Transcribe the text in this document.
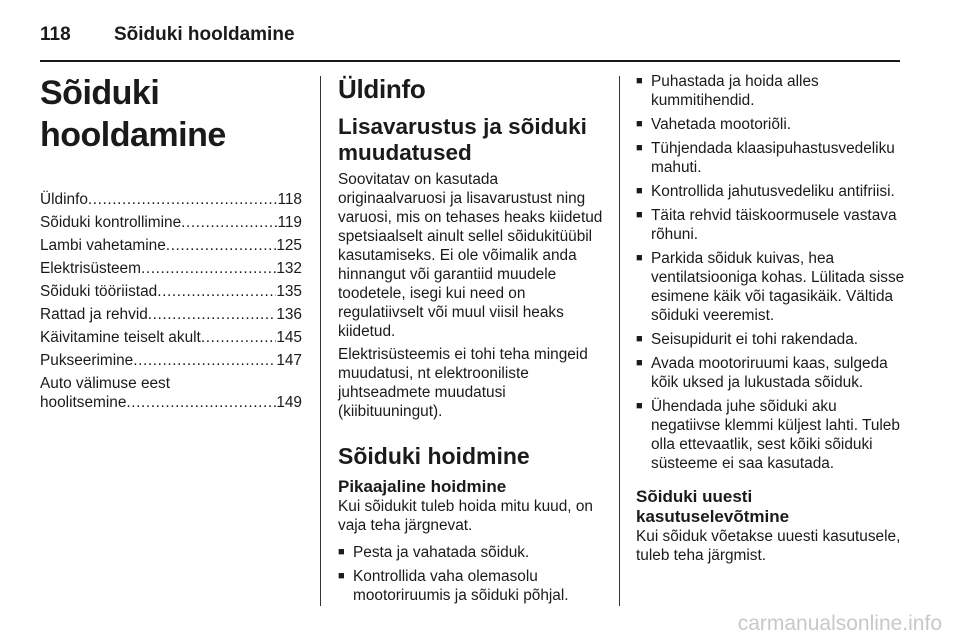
118 Sõiduki hooldamine
Sõiduki hooldamine
Üldinfo .....	118
Sõiduki kontrollimine .....	119
Lambi vahetamine .....	125
Elektrisüsteem .....	132
Sõiduki tööriistad .....	135
Rattad ja rehvid .....	136
Käivitamine teiselt akult .....	145
Pukseerimine .....	147
Auto välimuse eest
hoolitsemine .....	149
Üldinfo
Lisavarustus ja sõiduki muudatused

Soovitatav on kasutada originaalvaruosi ja lisavarustust ning varuosi, mis on tehases heaks kiidetud spetsiaalselt ainult sellel sõidukitüübil kasutamiseks. Ei ole võimalik anda hinnangut või garantiid muudele toodetele, isegi kui need on regulatiivselt või muul viisil heaks kiidetud.

Elektrisüsteemis ei tohi teha mingeid muudatusi, nt elektrooniliste juhtseadmete muudatusi (kiibituuningut).

Sõiduki hoidmine
Pikaajaline hoidmine

Kui sõidukit tuleb hoida mitu kuud, on vaja teha järgnevat.

■ Pesta ja vahatada sõiduk.
■ Kontrollida vaha olemasolu mootoriruumis ja sõiduki põhjal.
■ Puhastada ja hoida alles kummitihendid.
■ Vahetada mootoriõli.
■ Tühjendada klaasipuhastusvedeliku mahuti.
■ Kontrollida jahutusvedeliku antifriisi.
■ Täita rehvid täiskoormusele vastava rõhuni.
■ Parkida sõiduk kuivas, hea ventilatsiooniga kohas. Lülitada sisse esimene käik või tagasikäik. Vältida sõiduki veeremist.
■ Seisupidurit ei tohi rakendada.
■ Avada mootoriruumi kaas, sulgeda kõik uksed ja lukustada sõiduk.
■ Ühendada juhe sõiduki aku negatiivse klemmi küljest lahti. Tuleb olla ettevaatlik, sest kõiki sõiduki süsteeme ei saa kasutada.
Sõiduki uuesti kasutuselevõtmine

Kui sõiduk võetakse uuesti kasutusele, tuleb teha järgmist.

carmanualsonline.info
